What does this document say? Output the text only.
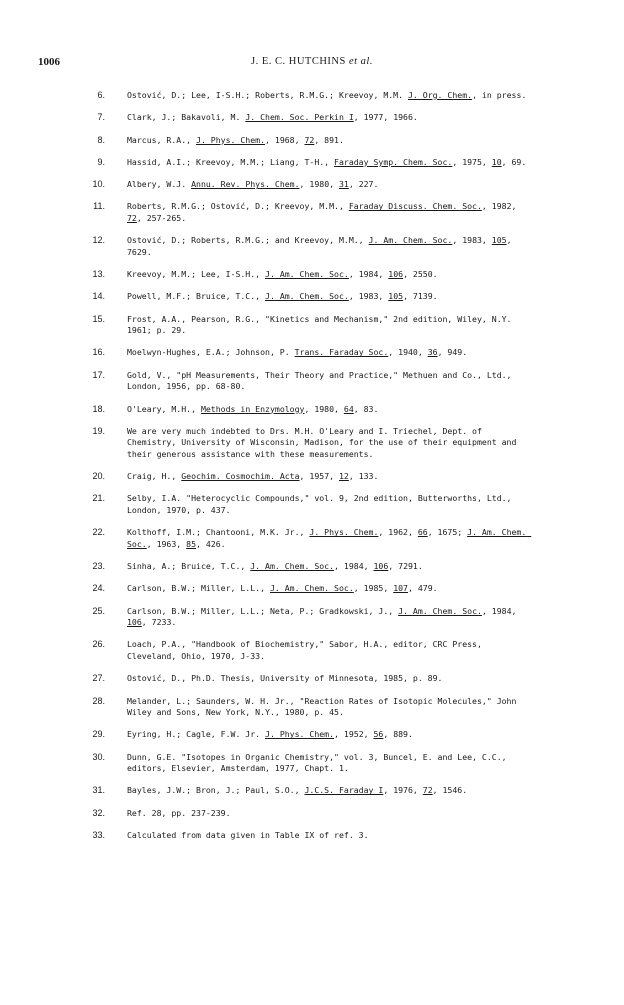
1006	J. E. C. HUTCHINS et al.
6.	Ostović, D.; Lee, I-S.H.; Roberts, R.M.G.; Kreevoy, M.M. J. Org. Chem., in press.
7.	Clark, J.; Bakavoli, M. J. Chem. Soc. Perkin I, 1977, 1966.
8.	Marcus, R.A., J. Phys. Chem., 1968, 72, 891.
9.	Hassid, A.I.; Kreevoy, M.M.; Liang, T-H., Faraday Symp. Chem. Soc., 1975, 10, 69.
10.	Albery, W.J. Annu. Rev. Phys. Chem., 1980, 31, 227.
11.	Roberts, R.M.G.; Ostović, D.; Kreevoy, M.M., Faraday Discuss. Chem. Soc., 1982, 72, 257-265.
12.	Ostović, D.; Roberts, R.M.G.; and Kreevoy, M.M., J. Am. Chem. Soc., 1983, 105, 7629.
13.	Kreevoy, M.M.; Lee, I-S.H., J. Am. Chem. Soc., 1984, 106, 2550.
14.	Powell, M.F.; Bruice, T.C., J. Am. Chem. Soc., 1983, 105, 7139.
15.	Frost, A.A., Pearson, R.G., "Kinetics and Mechanism," 2nd edition, Wiley, N.Y. 1961; p. 29.
16.	Moelwyn-Hughes, E.A.; Johnson, P. Trans. Faraday Soc., 1940, 36, 949.
17.	Gold, V., "pH Measurements, Their Theory and Practice," Methuen and Co., Ltd., London, 1956, pp. 68-80.
18.	O'Leary, M.H., Methods in Enzymology, 1980, 64, 83.
19.	We are very much indebted to Drs. M.H. O'Leary and I. Triechel, Dept. of Chemistry, University of Wisconsin, Madison, for the use of their equipment and their generous assistance with these measurements.
20.	Craig, H., Geochim. Cosmochim. Acta, 1957, 12, 133.
21.	Selby, I.A. "Heterocyclic Compounds," vol. 9, 2nd edition, Butterworths, Ltd., London, 1970, p. 437.
22.	Kolthoff, I.M.; Chantooni, M.K. Jr., J. Phys. Chem., 1962, 66, 1675; J. Am. Chem. Soc., 1963, 85, 426.
23.	Sinha, A.; Bruice, T.C., J. Am. Chem. Soc., 1984, 106, 7291.
24.	Carlson, B.W.; Miller, L.L., J. Am. Chem. Soc., 1985, 107, 479.
25.	Carlson, B.W.; Miller, L.L.; Neta, P.; Gradkowski, J., J. Am. Chem. Soc., 1984, 106, 7233.
26.	Loach, P.A., "Handbook of Biochemistry," Sabor, H.A., editor, CRC Press, Cleveland, Ohio, 1970, J-33.
27.	Ostović, D., Ph.D. Thesis, University of Minnesota, 1985, p. 89.
28.	Melander, L.; Saunders, W. H. Jr., "Reaction Rates of Isotopic Molecules," John Wiley and Sons, New York, N.Y., 1980, p. 45.
29.	Eyring, H.; Cagle, F.W. Jr. J. Phys. Chem., 1952, 56, 889.
30.	Dunn, G.E. "Isotopes in Organic Chemistry," vol. 3, Buncel, E. and Lee, C.C., editors, Elsevier, Amsterdam, 1977, Chapt. 1.
31.	Bayles, J.W.; Bron, J.; Paul, S.O., J.C.S. Faraday I, 1976, 72, 1546.
32.	Ref. 28, pp. 237-239.
33.	Calculated from data given in Table IX of ref. 3.
